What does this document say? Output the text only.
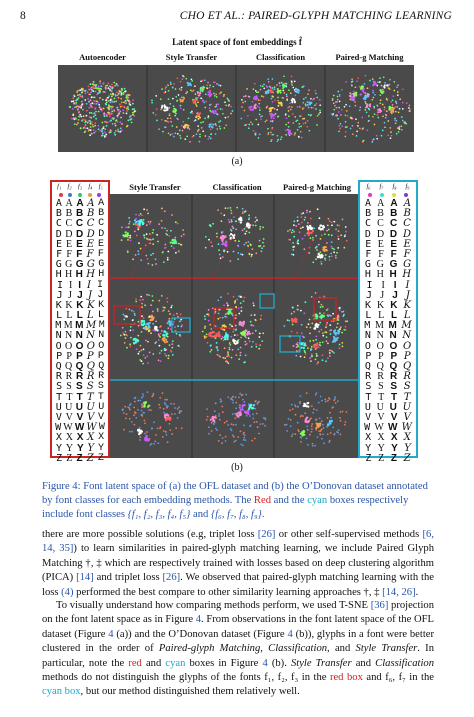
8	CHO ET AL.: PAIRED-GLYPH MATCHING LEARNING
Latent space of font embeddings f̂
Autoencoder	Style Transfer	Classification	Paired-g Matching
(a)
f₁ f₂ f₃ f₄ f₅
A A A A A
B B B B B
C C C C C
D D D D D
E E E E E
F F F F F
G G G G G
H H H H H
I I I I I
J J J J J
K K K K K
L L L L L
M M M M M
N N N N N
O O O O O
P P P P P
Q Q Q Q Q
R R R R R
S S S S S
T T T T T
U U U U U
V V V V V
W W W W W
X X X X X
Y Y Y Y Y
Z Z Z Z Z
Style Transfer	Classification	Paired-g Matching	f₆ f₇ f₈ f₉
A A A A
B B B B
C C C C
D D D D
E E E E
F F F F
G G G G
H H H H
I I I I
J J J J
K K K K
L L L L
M M M M
N N N N
O O O O
P P P P
Q Q Q Q
R R R R
S S S S
T T T T
U U U U
V V V V
W W W W
X X X X
Y Y Y Y
Z Z Z Z
(b)
Figure 4: Font latent space of (a) the OFL dataset and (b) the O’Donovan dataset annotated by font classes for each embedding methods. The Red and the cyan boxes respectively include font classes {f₁, f₂, f₃, f₄, f₅} and {f₆, f₇, f₈, f₉}.
there are more possible solutions (e.g, triplet loss [26] or other self-supervised methods [6, 14, 35]) to learn similarities in paired-glyph matching learning, we include Paired Glyph Matching †, ‡ which are respectively trained with losses based on deep clustering algorithm (PICA) [14] and triplet loss [26]. We observed that paired-glyph matching learning with the loss (4) performed the best compare to other similarity learning approaches †, ‡ [14, 26].
To visually understand how comparing methods perform, we used T-SNE [36] projection on the font latent space as in Figure 4. From observations in the font latent space of the OFL dataset (Figure 4 (a)) and the O’Donovan dataset (Figure 4 (b)), glyphs in a font were better clustered in the order of Paired-glyph Matching, Classification, and Style Transfer. In particular, note the red and cyan boxes in Figure 4 (b). Style Transfer and Classification methods do not distinguish the glyphs of the fonts f₁, f₂, f₃ in the red box and f₆, f₇ in the cyan box, but our method distinguished them relatively well.
